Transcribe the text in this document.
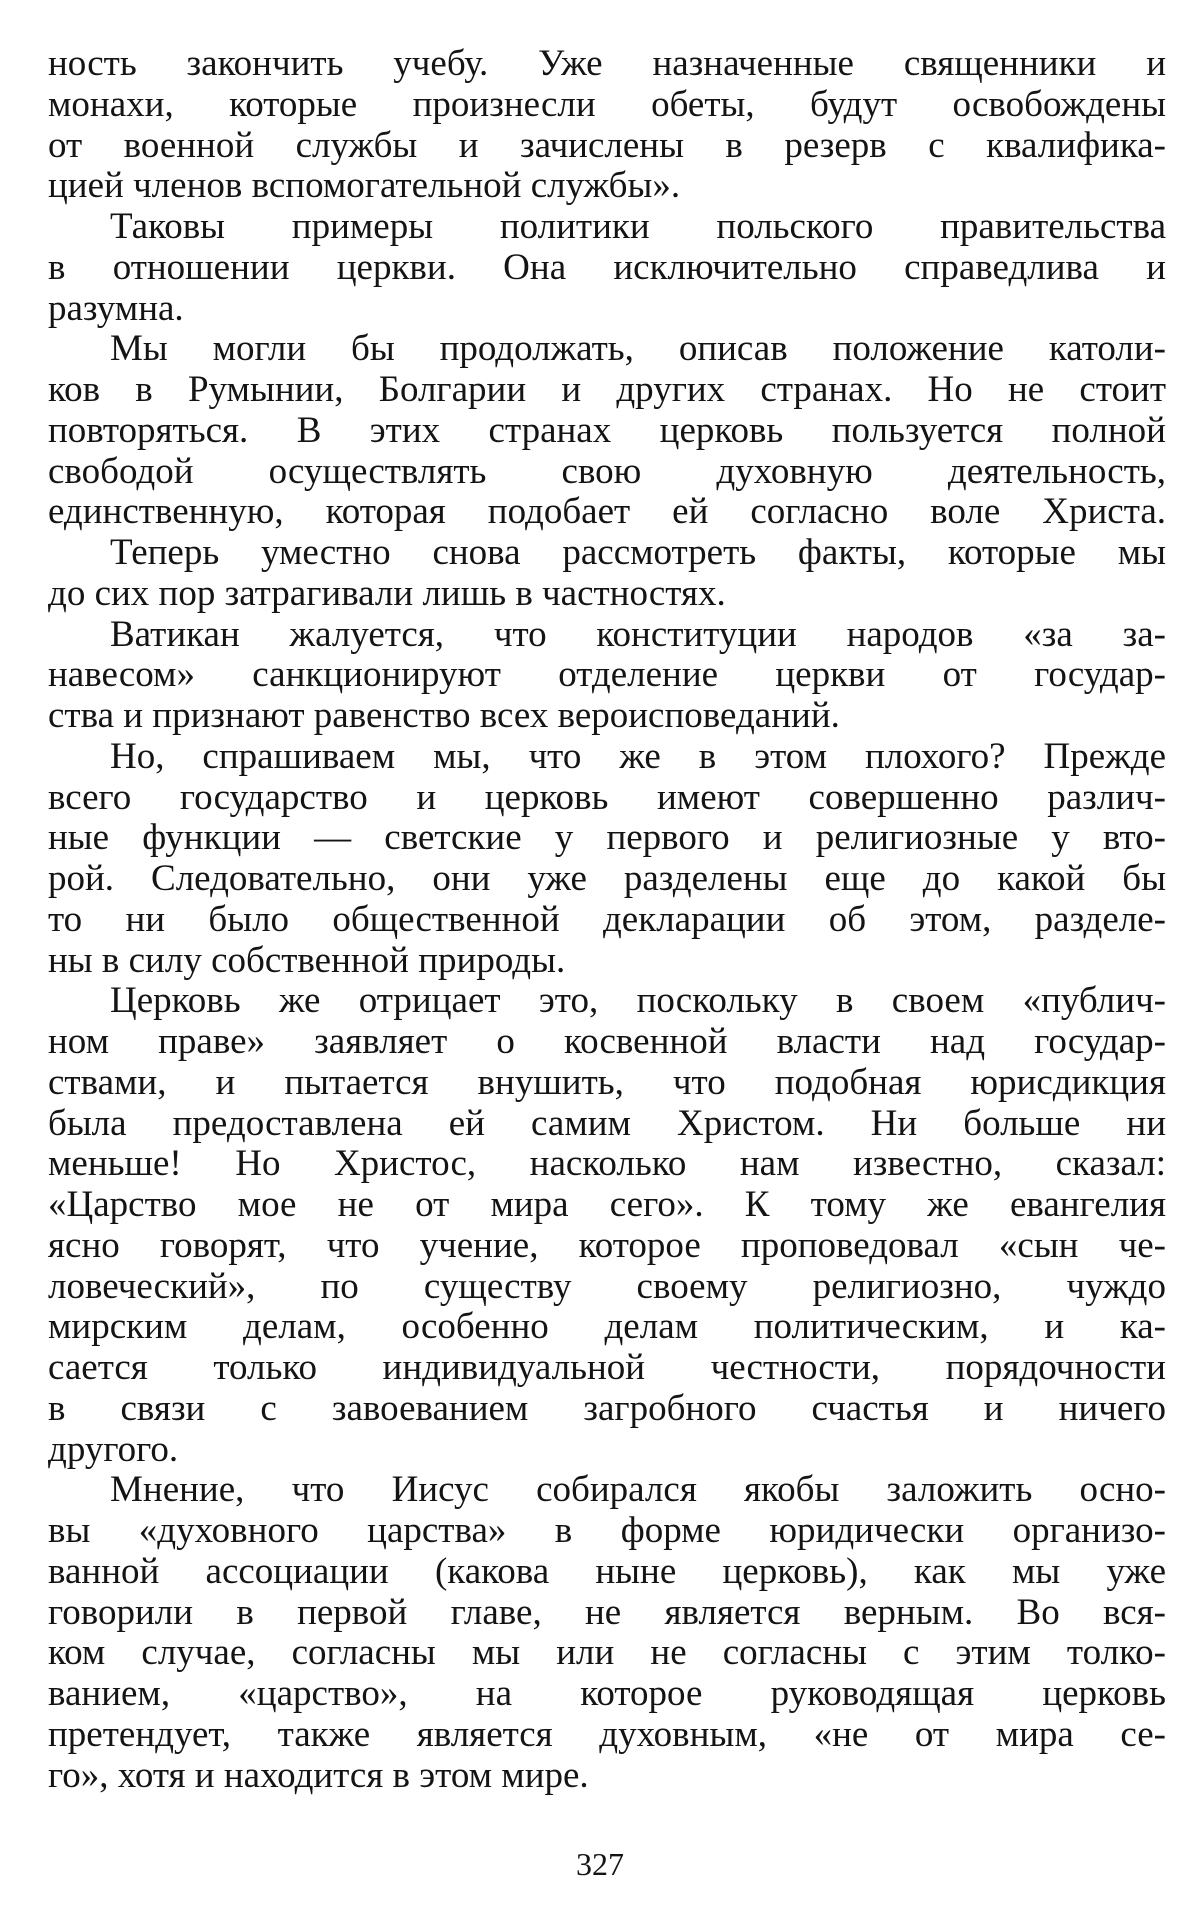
ность закончить учебу. Уже назначенные священники и
монахи, которые произнесли обеты, будут освобождены
от военной службы и зачислены в резерв с квалифика-
цией членов вспомогательной службы».
Таковы примеры политики польского правительства
в отношении церкви. Она исключительно справедлива и
разумна.
Мы могли бы продолжать, описав положение католи-
ков в Румынии, Болгарии и других странах. Но не стоит
повторяться. В этих странах церковь пользуется полной
свободой осуществлять свою духовную деятельность,
единственную, которая подобает ей согласно воле Христа.
Теперь уместно снова рассмотреть факты, которые мы
до сих пор затрагивали лишь в частностях.
Ватикан жалуется, что конституции народов «за за-
навесом» санкционируют отделение церкви от государ-
ства и признают равенство всех вероисповеданий.
Но, спрашиваем мы, что же в этом плохого? Прежде
всего государство и церковь имеют совершенно различ-
ные функции — светские у первого и религиозные у вто-
рой. Следовательно, они уже разделены еще до какой бы
то ни было общественной декларации об этом, разделе-
ны в силу собственной природы.
Церковь же отрицает это, поскольку в своем «публич-
ном праве» заявляет о косвенной власти над государ-
ствами, и пытается внушить, что подобная юрисдикция
была предоставлена ей самим Христом. Ни больше ни
меньше! Но Христос, насколько нам известно, сказал:
«Царство мое не от мира сего». К тому же евангелия
ясно говорят, что учение, которое проповедовал «сын че-
ловеческий», по существу своему религиозно, чуждо
мирским делам, особенно делам политическим, и ка-
сается только индивидуальной честности, порядочности
в связи с завоеванием загробного счастья и ничего
другого.
Мнение, что Иисус собирался якобы заложить осно-
вы «духовного царства» в форме юридически организо-
ванной ассоциации (какова ныне церковь), как мы уже
говорили в первой главе, не является верным. Во вся-
ком случае, согласны мы или не согласны с этим толко-
ванием, «царство», на которое руководящая церковь
претендует, также является духовным, «не от мира се-
го», хотя и находится в этом мире.
327
